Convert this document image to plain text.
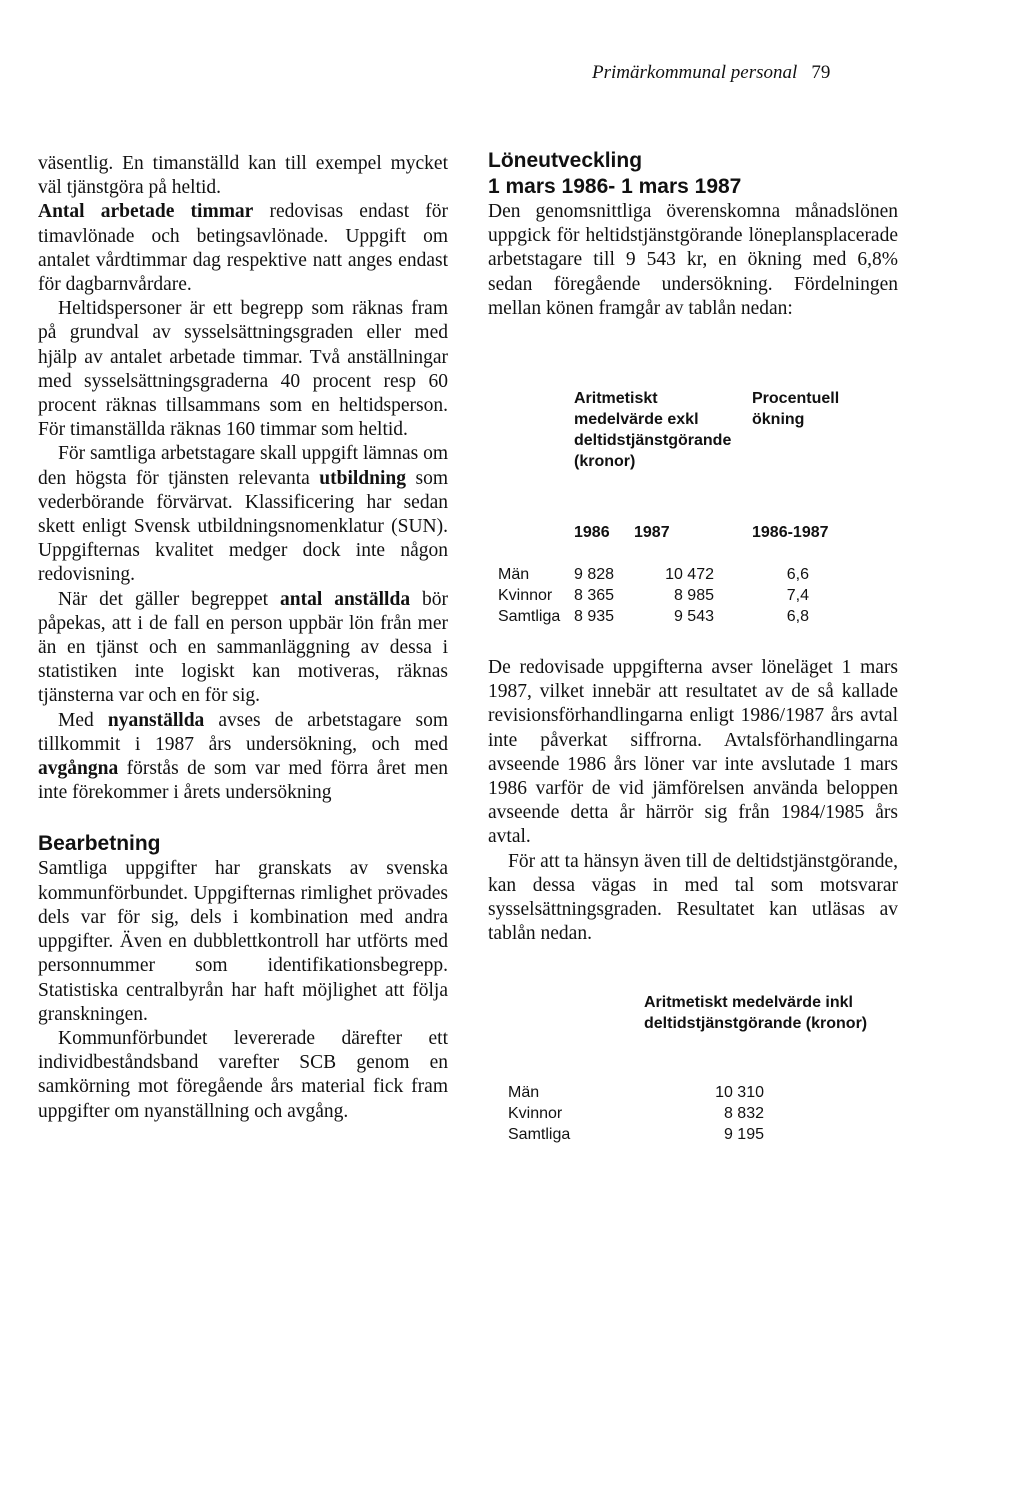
Primärkommunal personal 79

väsentlig. En timanställd kan till exempel mycket väl tjänstgöra på heltid.

Antal arbetade timmar redovisas endast för timavlönade och betingsavlönade. Uppgift om antalet vårdtimmar dag respektive natt anges endast för dagbarnvårdare.

Heltidspersoner är ett begrepp som räknas fram på grundval av sysselsättningsgraden eller med hjälp av antalet arbetade timmar. Två anställningar med sysselsättningsgraderna 40 procent resp 60 procent räknas tillsammans som en heltidsperson. För timanställda räknas 160 timmar som heltid.

För samtliga arbetstagare skall uppgift lämnas om den högsta för tjänsten relevanta utbildning som vederbörande förvärvat. Klassificering har sedan skett enligt Svensk utbildningsnomenklatur (SUN). Uppgifternas kvalitet medger dock inte någon redovisning.

När det gäller begreppet antal anställda bör påpekas, att i de fall en person uppbär lön från mer än en tjänst och en sammanläggning av dessa i statistiken inte logiskt kan motiveras, räknas tjänsterna var och en för sig.

Med nyanställda avses de arbetstagare som tillkommit i 1987 års undersökning, och med avgångna förstås de som var med förra året men inte förekommer i årets undersökning

Bearbetning

Samtliga uppgifter har granskats av svenska kommunförbundet. Uppgifternas rimlighet prövades dels var för sig, dels i kombination med andra uppgifter. Även en dubblettkontroll har utförts med personnummer som identifikationsbegrepp. Statistiska centralbyrån har haft möjlighet att följa granskningen.

Kommunförbundet levererade därefter ett individbeståndsband varefter SCB genom en samkörning mot föregående års material fick fram uppgifter om nyanställning och avgång.

Löneutveckling

1 mars 1986- 1 mars 1987

Den genomsnittliga överenskomna månadslönen uppgick för heltidstjänstgörande löneplansplacerade arbetstagare till 9 543 kr, en ökning med 6,8% sedan föregående undersökning. Fördelningen mellan könen framgår av tablån nedan:

Aritmetiskt medelvärde exkl deltidstjänstgörande (kronor)
Procentuell ökning
1986 1987	1986-1987
Män	9 828	10 472	6,6
Kvinnor 8 365	8 985	7,4
Samtliga 8 935	9 543	6,8

De redovisade uppgifterna avser löneläget 1 mars 1987, vilket innebär att resultatet av de så kallade revisionsförhandlingarna enligt 1986/1987 års avtal inte påverkat siffrorna. Avtalsförhandlingarna avseende 1986 års löner var inte avslutade 1 mars 1986 varför de vid jämförelsen använda beloppen avseende detta år härrör sig från 1984/1985 års avtal.

För att ta hänsyn även till de deltidstjänstgörande, kan dessa vägas in med tal som motsvarar sysselsättningsgraden. Resultatet kan utläsas av tablån nedan.

Aritmetiskt medelvärde inkl deltidstjänstgörande (kronor)
Män	10 310
Kvinnor	8 832
Samtliga	9 195
